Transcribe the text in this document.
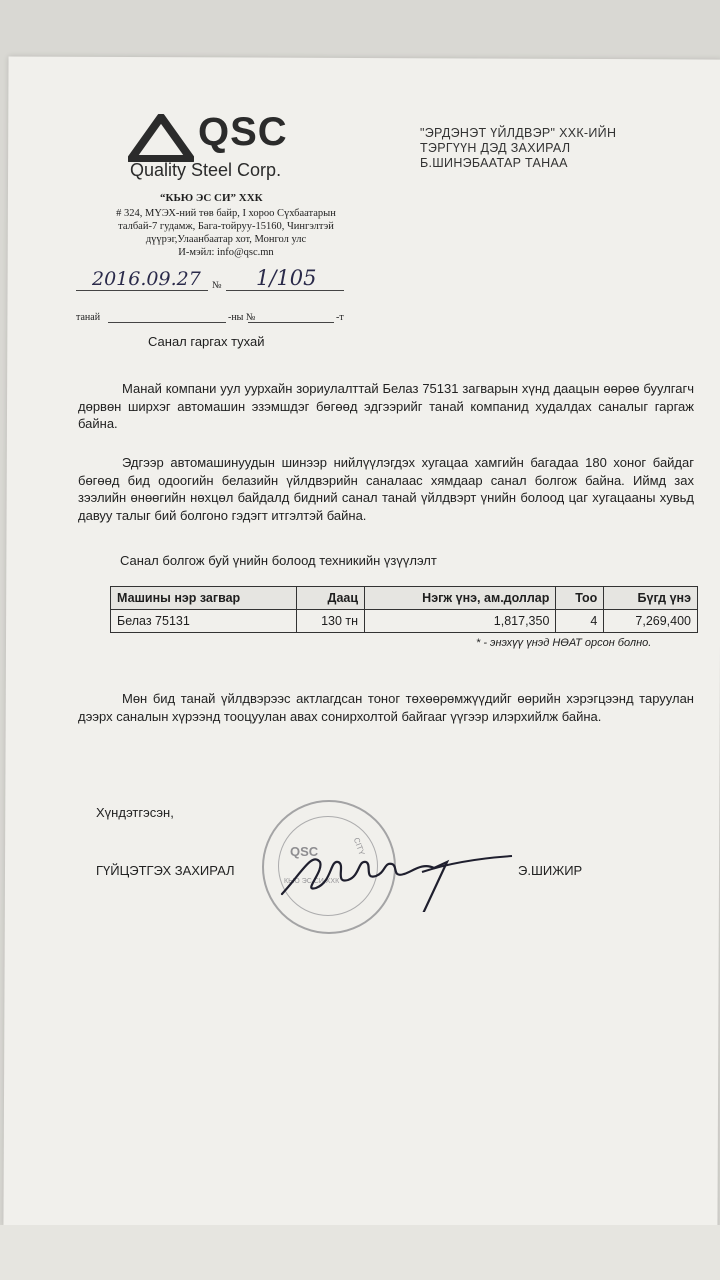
QSC
Quality Steel Corp.
“КЬЮ ЭС СИ” ХХК
# 324, МҮЭХ-ний төв байр, I хороо Сүхбаатарын
талбай-7 гудамж, Бага-тойруу-15160, Чингэлтэй
дүүрэг,Улаанбаатар хот, Монгол улс
И-мэйл: info@qsc.mn
"ЭРДЭНЭТ ҮЙЛДВЭР" ХХК-ИЙН
ТЭРГҮҮН ДЭД ЗАХИРАЛ
Б.ШИНЭБААТАР ТАНАА
2016.09.27 № 1/105
танай	-ны №	-т
Санал гаргах тухай
Манай компани уул уурхайн зориулалттай Белаз 75131 загварын хүнд даацын өөрөө буулгагч дөрвөн ширхэг автомашин эзэмшдэг бөгөөд эдгээрийг танай компанид худалдах саналыг гаргаж байна.
Эдгээр автомашинуудын шинээр нийлүүлэгдэх хугацаа хамгийн багадаа 180 хоног байдаг бөгөөд бид одоогийн белазийн үйлдвэрийн саналаас хямдаар санал болгож байна. Иймд зах зээлийн өнөөгийн нөхцөл байдалд бидний санал танай үйлдвэрт үнийн болоод цаг хугацааны хувьд давуу талыг бий болгоно гэдэгт итгэлтэй байна.
Санал болгож буй үнийн болоод техникийн үзүүлэлт
Машины нэр загвар	Даац	Нэгж үнэ, ам.доллар	Тоо	Бүгд үнэ
Белаз 75131	130 тн	1,817,350	4	7,269,400
* - энэхүү үнэд НӨАТ орсон болно.
Мөн бид танай үйлдвэрээс актлагдсан тоног төхөөрөмжүүдийг өөрийн хэрэгцээнд таруулан дээрх саналын хүрээнд тооцуулан авах сонирхолтой байгааг үүгээр илэрхийлж байна.
Хүндэтгэсэн,
QSC
КЬЮ ЭС СИ ХХК
CITY
ГҮЙЦЭТГЭХ ЗАХИРАЛ	Э.ШИЖИР
